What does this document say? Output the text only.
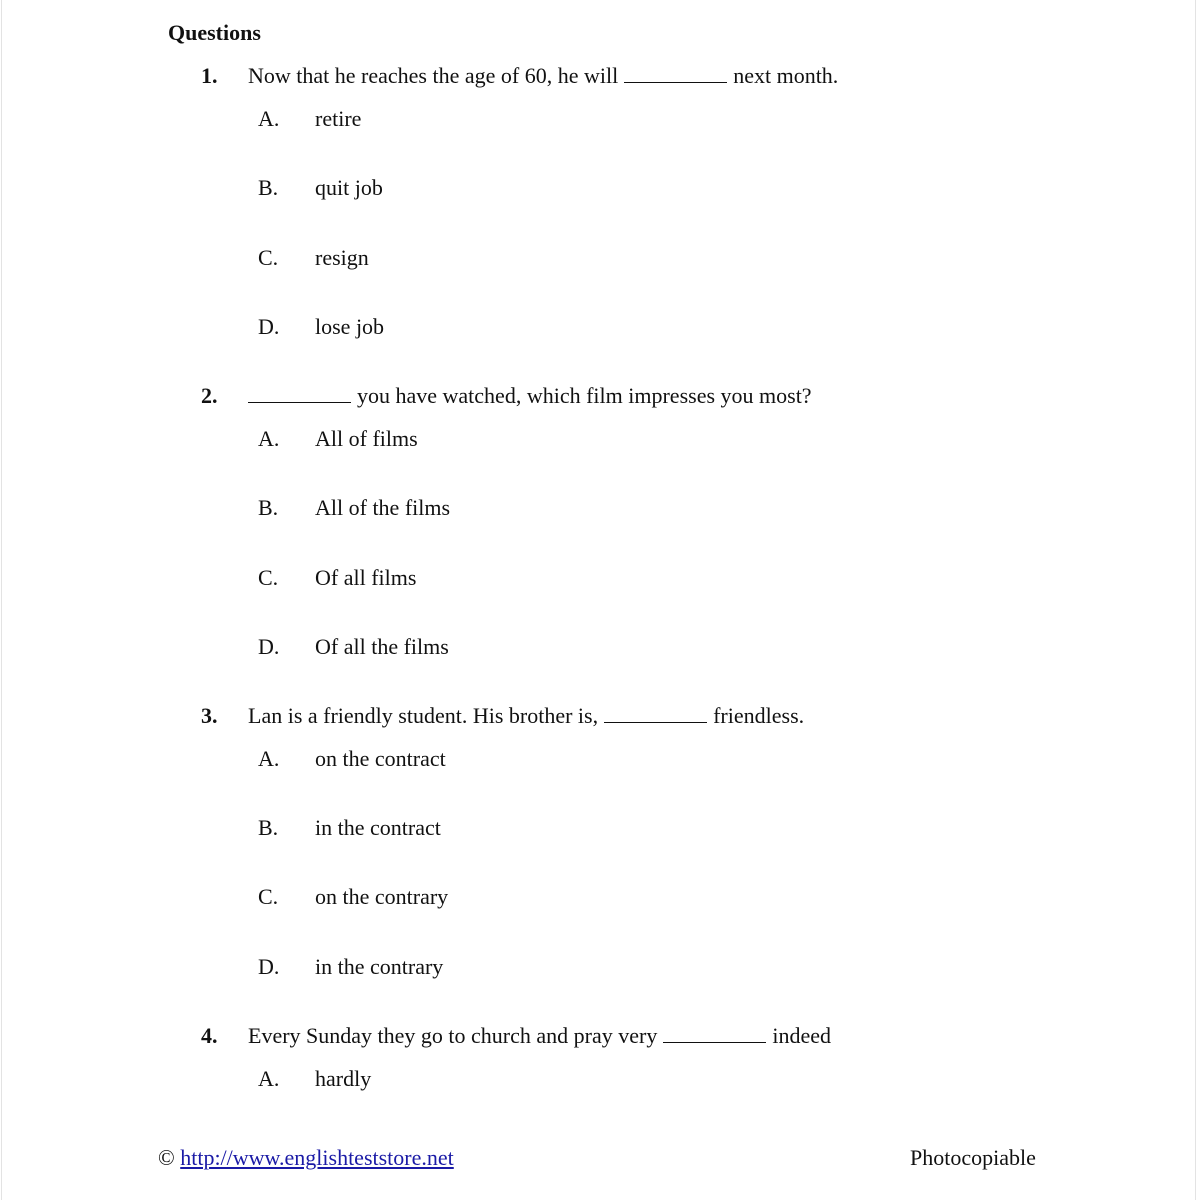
Questions
1. Now that he reaches the age of 60, he will	next month.
A. retire
B. quit job
C. resign
D. lose job
2.	you have watched, which film impresses you most?
A. All of films
B. All of the films
C. Of all films
D. Of all the films
3. Lan is a friendly student. His brother is,	friendless.
A. on the contract
B. in the contract
C. on the contrary
D. in the contrary
4. Every Sunday they go to church and pray very	indeed
A. hardly
© http://www.englishteststore.net	Photocopiable
